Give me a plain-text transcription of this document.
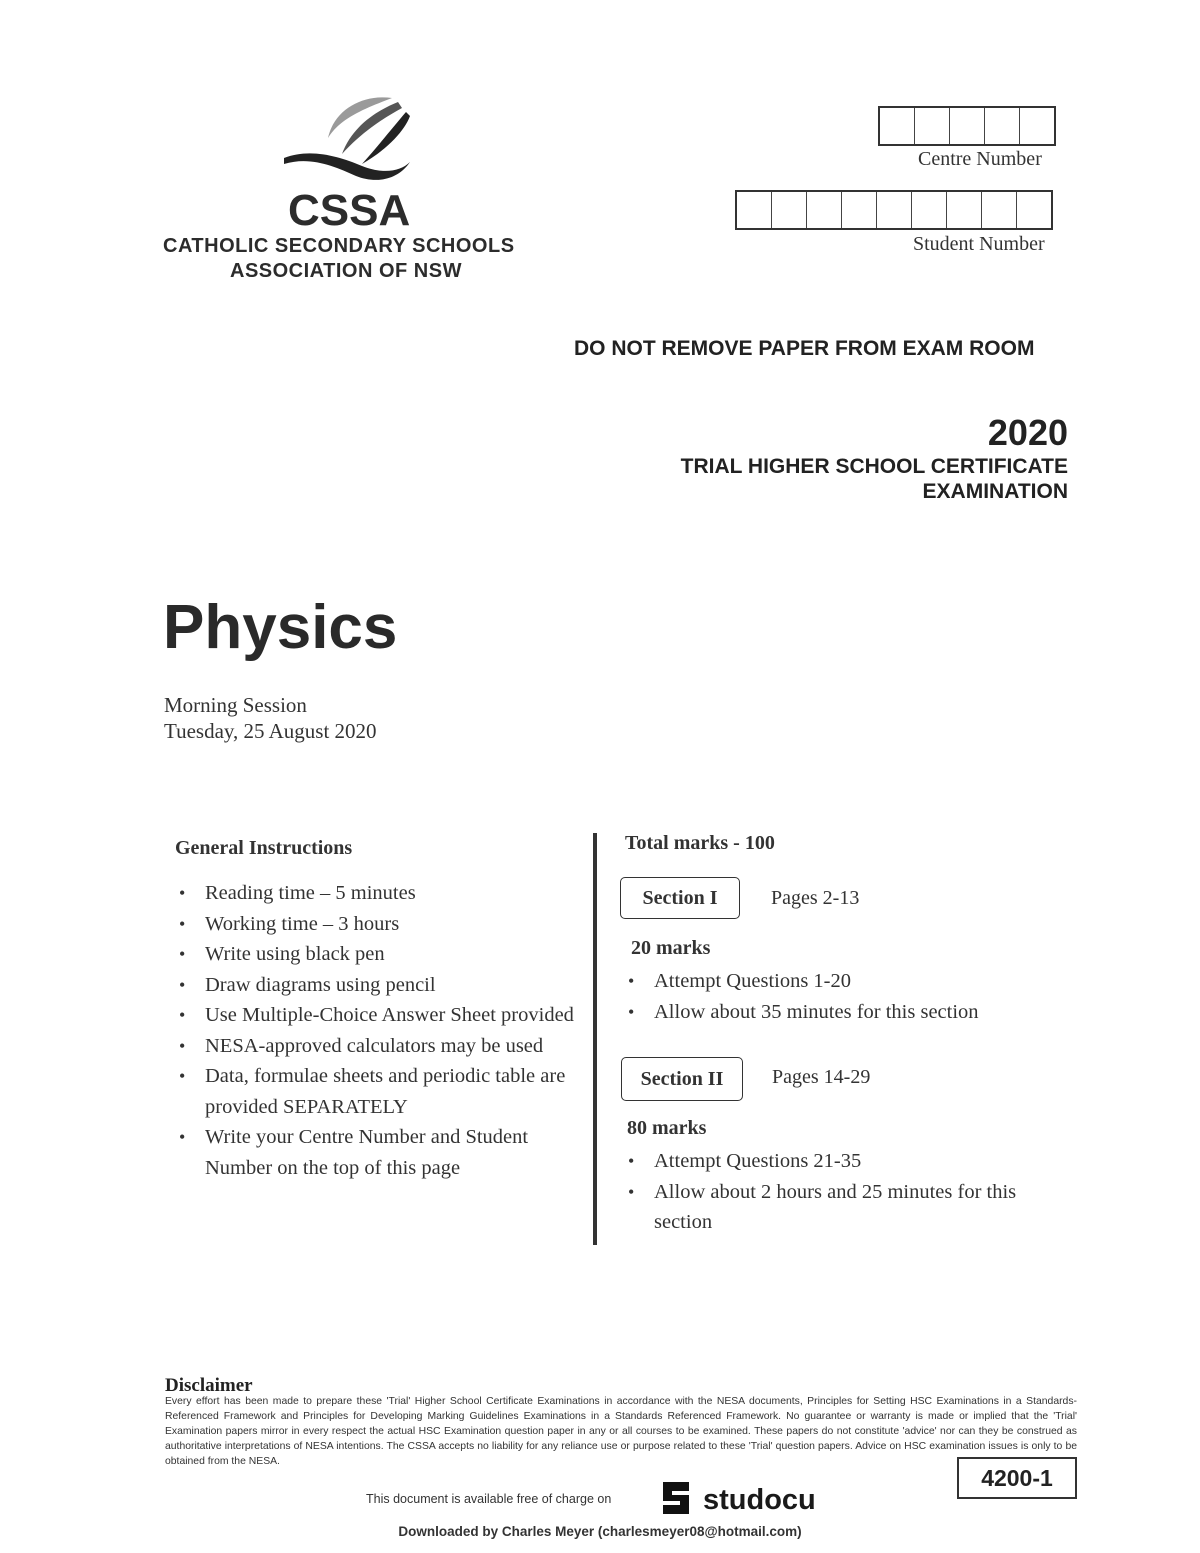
CSSA
CATHOLIC SECONDARY SCHOOLS
ASSOCIATION OF NSW
Centre Number
Student Number
DO NOT REMOVE PAPER FROM EXAM ROOM
2020
TRIAL HIGHER SCHOOL CERTIFICATE
EXAMINATION
Physics
Morning Session
Tuesday, 25 August 2020
General Instructions
• Reading time – 5 minutes
• Working time – 3 hours
• Write using black pen
• Draw diagrams using pencil
• Use Multiple-Choice Answer Sheet provided
• NESA-approved calculators may be used
• Data, formulae sheets and periodic table are provided SEPARATELY
• Write your Centre Number and Student Number on the top of this page
Total marks - 100
Section I	Pages 2-13
20 marks
• Attempt Questions 1-20
• Allow about 35 minutes for this section
Section II	Pages 14-29
80 marks
• Attempt Questions 21-35
• Allow about 2 hours and 25 minutes for this section
Disclaimer
Every effort has been made to prepare these 'Trial' Higher School Certificate Examinations in accordance with the NESA documents, Principles for Setting HSC Examinations in a Standards-Referenced Framework and Principles for Developing Marking Guidelines Examinations in a Standards Referenced Framework. No guarantee or warranty is made or implied that the 'Trial' Examination papers mirror in every respect the actual HSC Examination question paper in any or all courses to be examined. These papers do not constitute 'advice' nor can they be construed as authoritative interpretations of NESA intentions. The CSSA accepts no liability for any reliance use or purpose related to these 'Trial' question papers. Advice on HSC examination issues is only to be obtained from the NESA.
4200-1
This document is available free of charge on	studocu
Downloaded by Charles Meyer (charlesmeyer08@hotmail.com)
